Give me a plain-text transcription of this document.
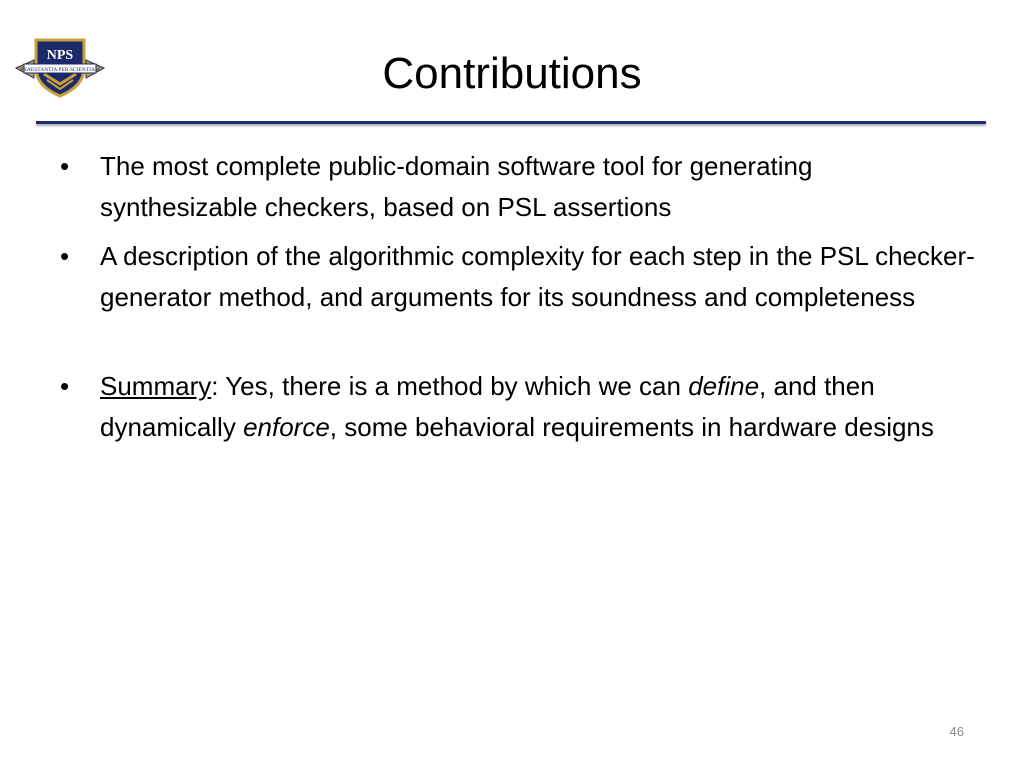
PRAESTANTIA PER SCIENTIAM
NPS	Contributions
• The most complete public-domain software tool for generating synthesizable checkers, based on PSL assertions
• A description of the algorithmic complexity for each step in the PSL checker-generator method, and arguments for its soundness and completeness
• Summary: Yes, there is a method by which we can define, and then dynamically enforce, some behavioral requirements in hardware designs
46
